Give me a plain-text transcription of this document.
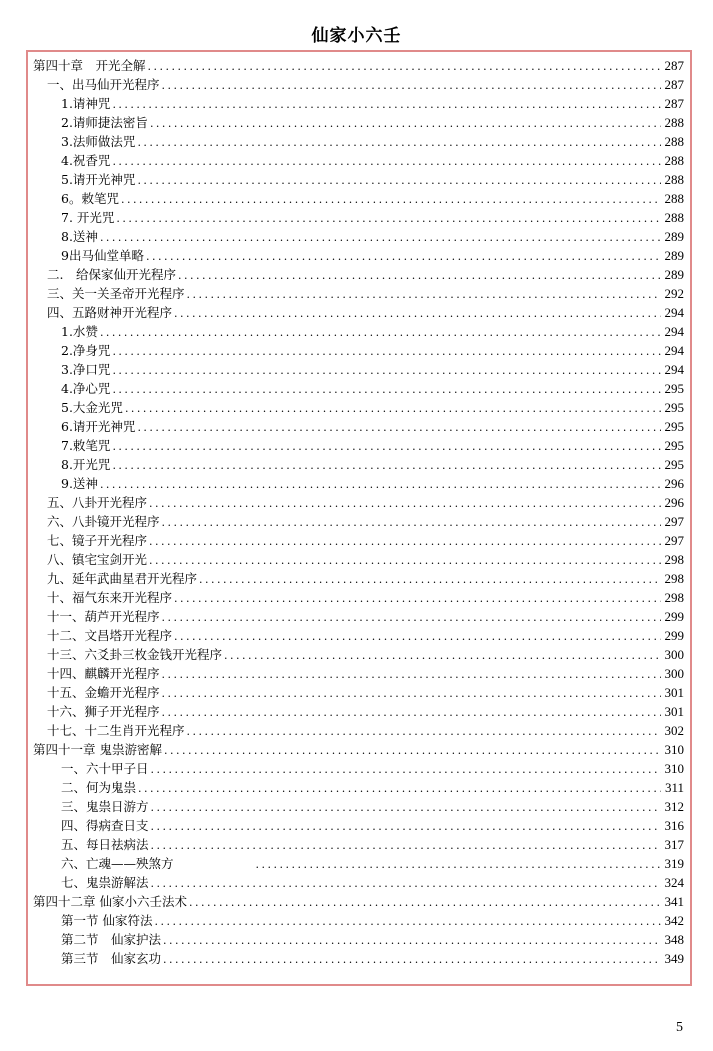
仙家小六壬
第四十章　开光全解 . . .	287
一、出马仙开光程序 . . .	287
1.请神咒 . . .	287
2.请师捷法密旨 . . .	288
3.法师做法咒 . . .	288
4.祝香咒 . . .	288
5.请开光神咒 . . .	288
6。敕笔咒 . . .	288
7. 开光咒 . . .	288
8.送神 . . .	289
9出马仙堂单略 . . .	289
二.　给保家仙开光程序 . . .	289
三、关一关圣帝开光程序 . . .	292
四、五路财神开光程序 . . .	294
1.水赞 . . .	294
2.净身咒 . . .	294
3.净口咒 . . .	294
4.净心咒 . . .	295
5.大金光咒 . . .	295
6.请开光神咒 . . .	295
7.敕笔咒 . . .	295
8.开光咒 . . .	295
9.送神 . . .	296
五、八卦开光程序 . . .	296
六、八卦镜开光程序 . . .	297
七、镜子开光程序 . . .	297
八、镇宅宝剑开光 . . .	298
九、延年武曲星君开光程序 . . .	298
十、福气东来开光程序 . . .	298
十一、葫芦开光程序 . . .	299
十二、文昌塔开光程序 . . .	299
十三、六爻卦三枚金钱开光程序 . . .	300
十四、麒麟开光程序 . . .	300
十五、金蟾开光程序 . . .	301
十六、狮子开光程序 . . .	301
十七、十二生肖开光程序 . . .	302
第四十一章 鬼祟游密解 . . .	310
一、六十甲子日 . . .	310
二、何为鬼祟 . . .	311
三、鬼祟日游方 . . .	312
四、得病查日支 . . .	316
五、每日祛病法 . . .	317
六、亡魂——殃煞方 . . .	319
七、鬼祟游解法 . . .	324
第四十二章 仙家小六壬法术 . . .	341
第一节 仙家符法 . . .	342
第二节　仙家护法 . . .	348
第三节　仙家玄功 . . .	349
5
